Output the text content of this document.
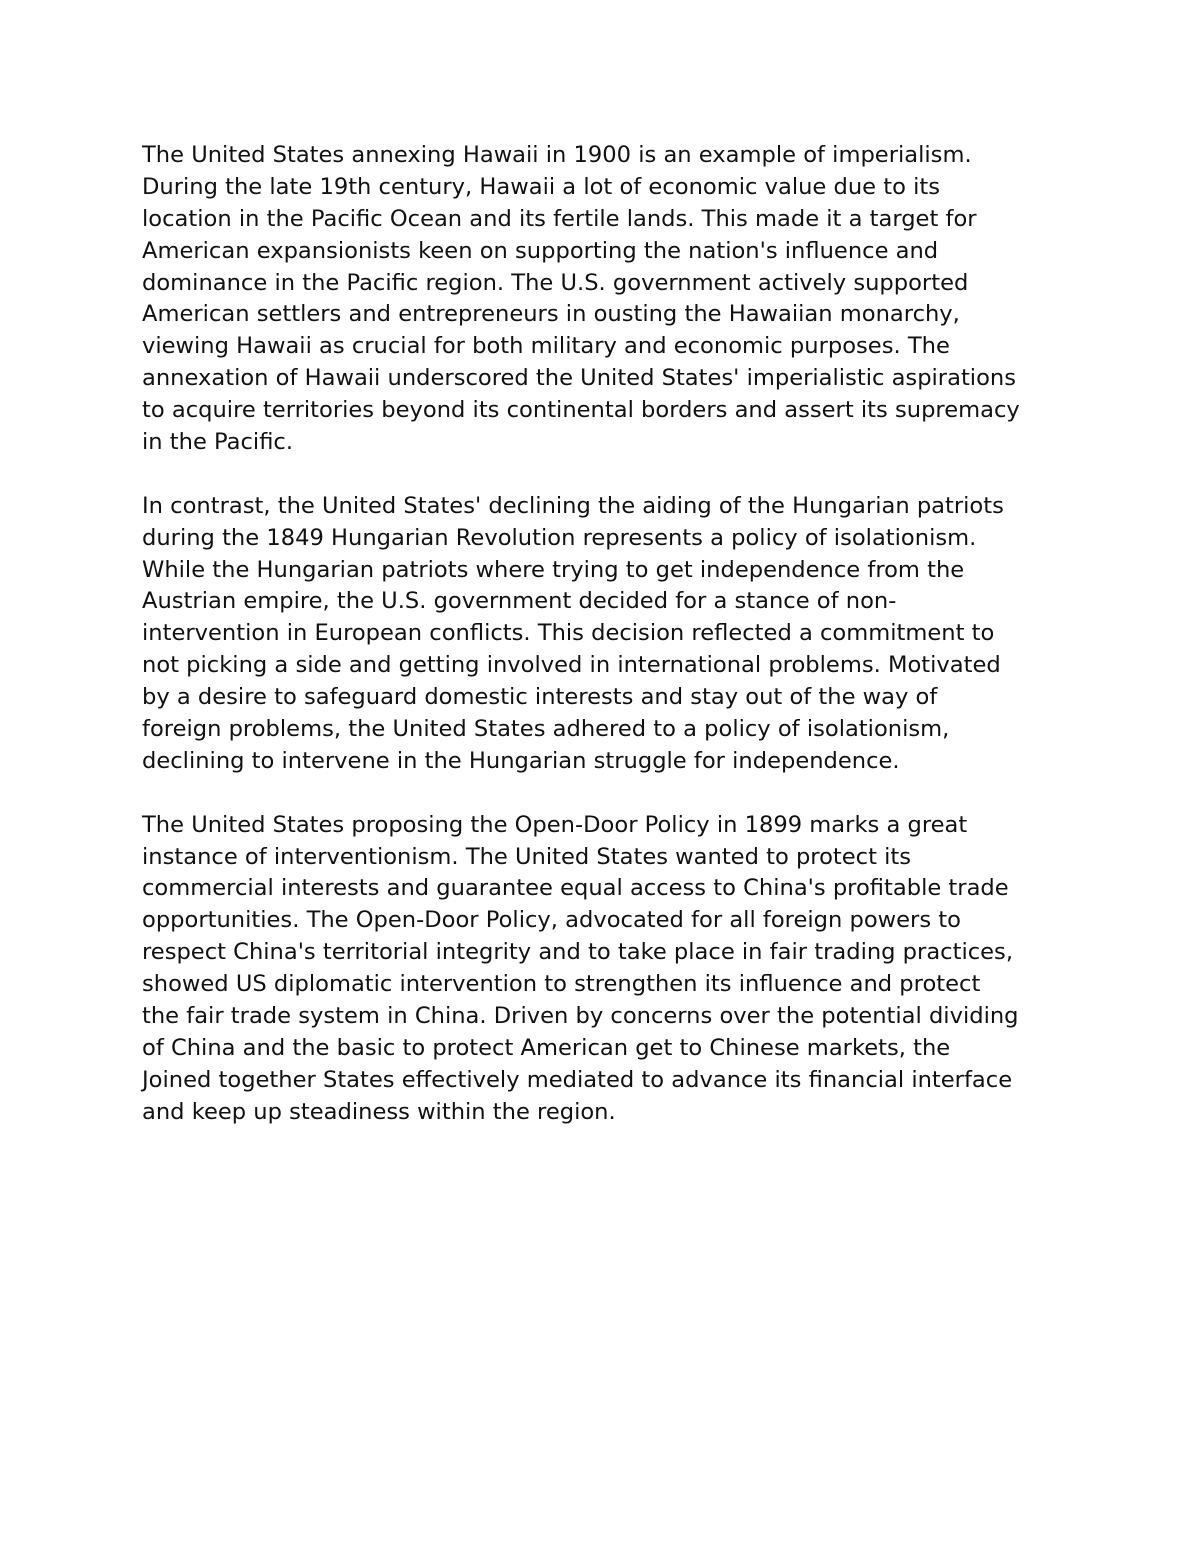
The United States annexing Hawaii in 1900 is an example of imperialism.
During the late 19th century, Hawaii a lot of economic value due to its
location in the Pacific Ocean and its fertile lands. This made it a target for
American expansionists keen on supporting the nation's influence and
dominance in the Pacific region. The U.S. government actively supported
American settlers and entrepreneurs in ousting the Hawaiian monarchy,
viewing Hawaii as crucial for both military and economic purposes. The
annexation of Hawaii underscored the United States' imperialistic aspirations
to acquire territories beyond its continental borders and assert its supremacy
in the Pacific.
In contrast, the United States' declining the aiding of the Hungarian patriots
during the 1849 Hungarian Revolution represents a policy of isolationism.
While the Hungarian patriots where trying to get independence from the
Austrian empire, the U.S. government decided for a stance of non-
intervention in European conflicts. This decision reflected a commitment to
not picking a side and getting involved in international problems. Motivated
by a desire to safeguard domestic interests and stay out of the way of
foreign problems, the United States adhered to a policy of isolationism,
declining to intervene in the Hungarian struggle for independence.
The United States proposing the Open-Door Policy in 1899 marks a great
instance of interventionism. The United States wanted to protect its
commercial interests and guarantee equal access to China's profitable trade
opportunities. The Open-Door Policy, advocated for all foreign powers to
respect China's territorial integrity and to take place in fair trading practices,
showed US diplomatic intervention to strengthen its influence and protect
the fair trade system in China. Driven by concerns over the potential dividing
of China and the basic to protect American get to Chinese markets, the
Joined together States effectively mediated to advance its financial interface
and keep up steadiness within the region.
